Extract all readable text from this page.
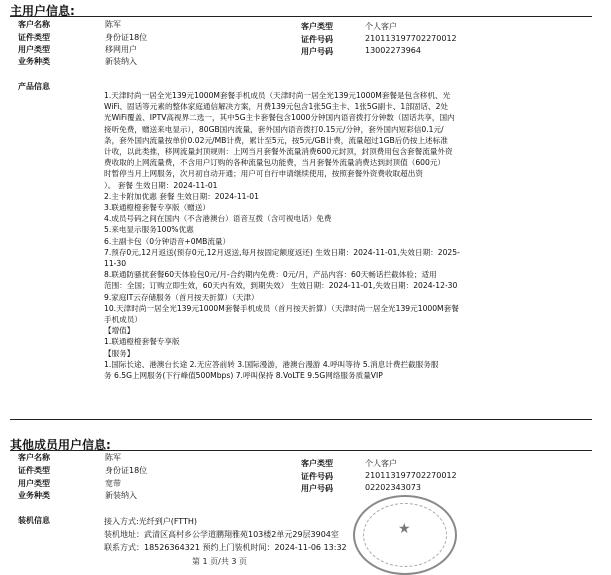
主用户信息:
客户名称	陈军
证件类型	身份证18位
用户类型	移网用户
业务种类	新装纳入
客户类型	个人客户
证件号码	210113197702270012
用户号码	13002273964
产品信息
1.天津时尚一居全光139元1000M套餐手机成员（天津时尚一居全光139元1000M套餐是包含移机、光
WiFi、固话等元素的整体家庭通信解决方案，月费139元包含1张5G主卡、1张5G副卡、1部固话、2处
光WiFi覆盖、IPTV高视界二选一，其中5G主卡套餐包含1000分钟国内语音拨打分钟数（固话共享，国内
接听免费，赠送来电显示），80GB国内流量，套外国内语音拨打0.15元/分钟，套外国内短彩信0.1元/
条，套外国内流量按单价0.02元/MB计费，累计至5元，按5元/GB计费，流量超过1GB后仍按上述标准
计收，以此类推，移网流量封顶规则：上网当月套餐外流量消费600元封顶，封顶费用包含套餐流量外资
费收取的上网流量费，不含用户订购的各种流量包功能费，当月套餐外流量消费达到封顶值（600元）
时暂停当月上网服务，次月初自动开通；用户可自行申请继续使用，按照套餐外资费收取超出资
）。 套餐 生效日期：2024-11-01
2.主卡附加优惠 套餐 生效日期：2024-11-01
3.联通橙橙套餐专享版（赠送）
4.成员号码之间在国内（不含港澳台）语音互拨（含可视电话）免费
5.来电显示服务100%优惠
6.主副卡包（0分钟语音+0MB流量）
7.预存0元,12月返送(预存0元,12月返送,每月按固定额度返还) 生效日期：2024-11-01,失效日期：2025-
11-30
8.联通防骚扰套餐60天体验包0元/月-合约期内免费：0元/月，产品内容：60天畅话拦截体验；适用
范围：全国；订购立即生效，60天内有效，到期失效） 生效日期：2024-11-01,失效日期：2024-12-30
9.家庭IT云存储服务（首月按天折算）（天津）
10.天津时尚一居全光139元1000M套餐手机成员（首月按天折算）（天津时尚一居全光139元1000M套餐
手机成员）
【增值】
1.联通橙橙套餐专享版
【服务】
1.国际长途、港澳台长途 2.无应答前转 3.国际漫游，港澳台漫游 4.呼叫等待 5.消息计费拦截服务服
务 6.5G上网服务(下行峰值500Mbps) 7.呼叫保持 8.VoLTE 9.5G网络服务质量VIP
其他成员用户信息:
客户名称	陈军
证件类型	身份证18位
用户类型	宽带
业务种类	新装纳入
客户类型	个人客户
证件号码	210113197702270012
用户号码	02202343073
装机信息	接入方式:光纤到户(FTTH)
装机地址：武清区高村乡公学道鹏翔雅苑103楼2单元29层3904室
联系方式：18526364321 预约上门装机时间：2024-11-06 13:32
★
第 1 页/共 3 页
